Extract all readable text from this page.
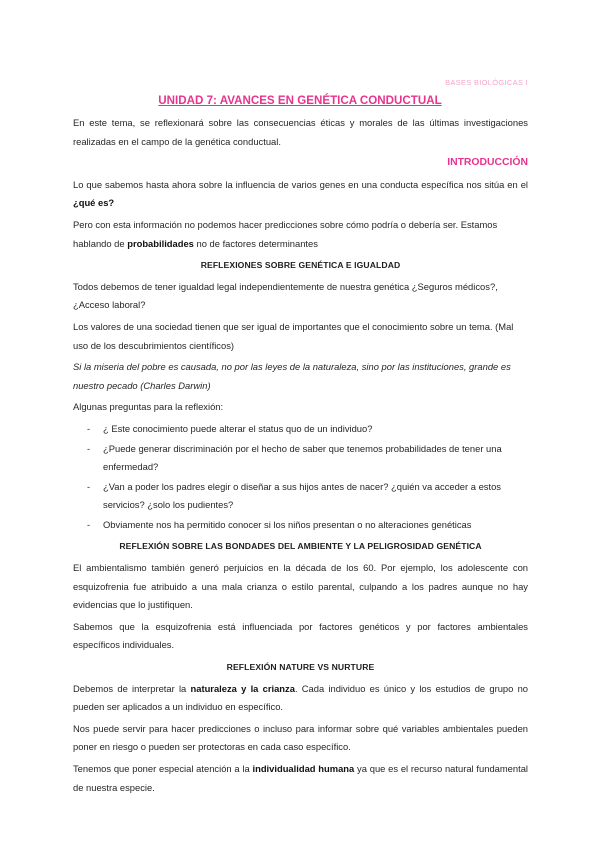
BASES BIOLÓGICAS I
UNIDAD 7: AVANCES EN GENÉTICA CONDUCTUAL

En este tema, se reflexionará sobre las consecuencias éticas y morales de las últimas investigaciones realizadas en el campo de la genética conductual.

INTRODUCCIÓN

Lo que sabemos hasta ahora sobre la influencia de varios genes en una conducta específica nos sitúa en el ¿qué es?

Pero con esta información no podemos hacer predicciones sobre cómo podría o debería ser. Estamos hablando de probabilidades no de factores determinantes

REFLEXIONES SOBRE GENÉTICA E IGUALDAD

Todos debemos de tener igualdad legal independientemente de nuestra genética ¿Seguros médicos?, ¿Acceso laboral?

Los valores de una sociedad tienen que ser igual de importantes que el conocimiento sobre un tema. (Mal uso de los descubrimientos científicos)

Si la miseria del pobre es causada, no por las leyes de la naturaleza, sino por las instituciones, grande es nuestro pecado (Charles Darwin)

Algunas preguntas para la reflexión:

- ¿ Este conocimiento puede alterar el status quo de un individuo?
- ¿Puede generar discriminación por el hecho de saber que tenemos probabilidades de tener una enfermedad?
- ¿Van a poder los padres elegir o diseñar a sus hijos antes de nacer? ¿quién va acceder a estos servicios? ¿solo los pudientes?
- Obviamente nos ha permitido conocer si los niños presentan o no alteraciones genéticas
REFLEXIÓN SOBRE LAS BONDADES DEL AMBIENTE Y LA PELIGROSIDAD GENÉTICA

El ambientalismo también generó perjuicios en la década de los 60. Por ejemplo, los adolescente con esquizofrenia fue atribuido a una mala crianza o estilo parental, culpando a los padres aunque no hay evidencias que lo justifiquen.

Sabemos que la esquizofrenia está influenciada por factores genéticos y por factores ambientales específicos individuales.

REFLEXIÓN NATURE VS NURTURE

Debemos de interpretar la naturaleza y la crianza. Cada individuo es único y los estudios de grupo no pueden ser aplicados a un individuo en específico.

Nos puede servir para hacer predicciones o incluso para informar sobre qué variables ambientales pueden poner en riesgo o pueden ser protectoras en cada caso específico.

Tenemos que poner especial atención a la individualidad humana ya que es el recurso natural fundamental de nuestra especie.
